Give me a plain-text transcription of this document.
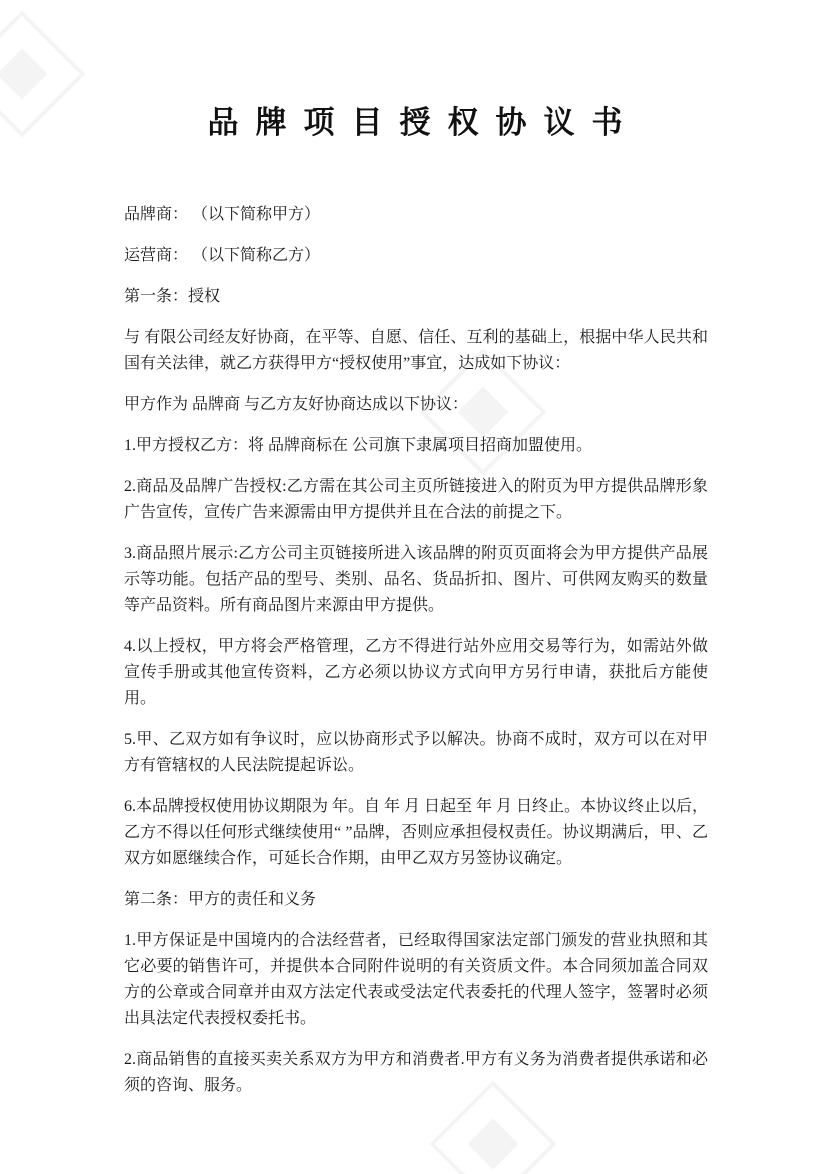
品牌项目授权协议书

品牌商： （以下简称甲方）

运营商： （以下简称乙方）

第一条：授权

与 有限公司经友好协商，在平等、自愿、信任、互利的基础上，根据中华人民共和国有关法律，就乙方获得甲方“授权使用”事宜，达成如下协议：

甲方作为 品牌商 与乙方友好协商达成以下协议：

1.甲方授权乙方：将 品牌商标在 公司旗下隶属项目招商加盟使用。

2.商品及品牌广告授权:乙方需在其公司主页所链接进入的附页为甲方提供品牌形象广告宣传，宣传广告来源需由甲方提供并且在合法的前提之下。

3.商品照片展示:乙方公司主页链接所进入该品牌的附页页面将会为甲方提供产品展示等功能。包括产品的型号、类别、品名、货品折扣、图片、可供网友购买的数量等产品资料。所有商品图片来源由甲方提供。

4.以上授权，甲方将会严格管理，乙方不得进行站外应用交易等行为，如需站外做宣传手册或其他宣传资料，乙方必须以协议方式向甲方另行申请，获批后方能使用。

5.甲、乙双方如有争议时，应以协商形式予以解决。协商不成时，双方可以在对甲方有管辖权的人民法院提起诉讼。

6.本品牌授权使用协议期限为 年。自 年 月 日起至 年 月 日终止。本协议终止以后，乙方不得以任何形式继续使用“ ”品牌，否则应承担侵权责任。协议期满后，甲、乙双方如愿继续合作，可延长合作期，由甲乙双方另签协议确定。

第二条：甲方的责任和义务

1.甲方保证是中国境内的合法经营者，已经取得国家法定部门颁发的营业执照和其它必要的销售许可，并提供本合同附件说明的有关资质文件。本合同须加盖合同双方的公章或合同章并由双方法定代表或受法定代表委托的代理人签字，签署时必须出具法定代表授权委托书。

2.商品销售的直接买卖关系双方为甲方和消费者.甲方有义务为消费者提供承诺和必须的咨询、服务。
